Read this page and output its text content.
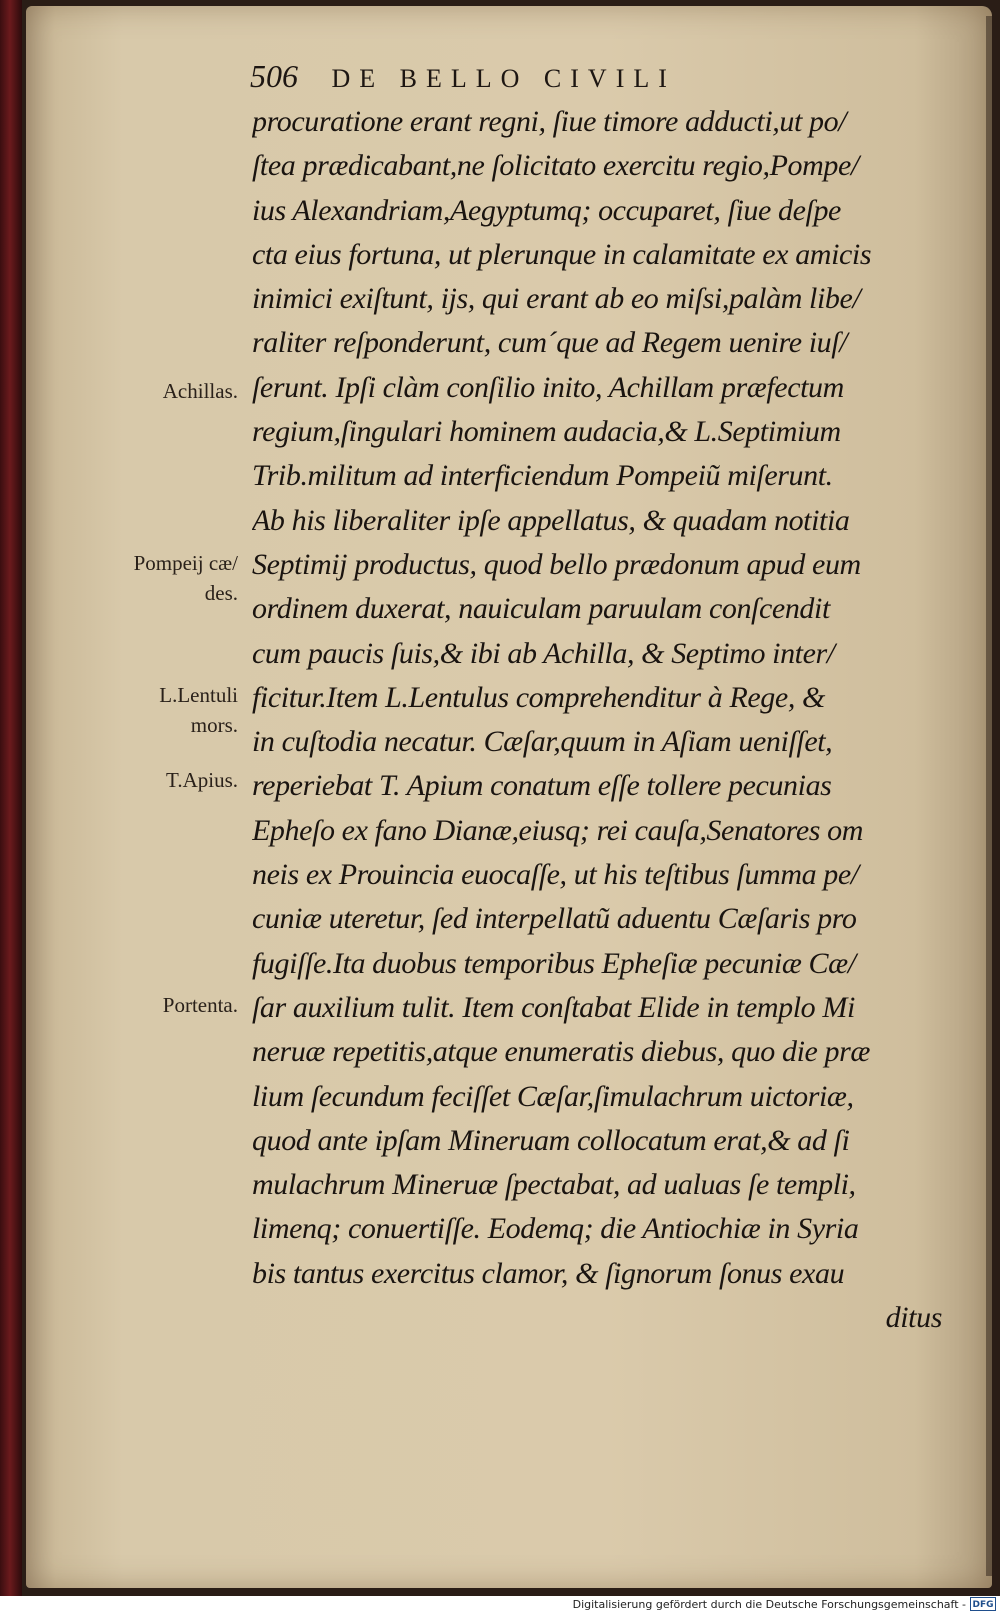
506 DE BELLO CIVILI
procuratione erant regni, ſiue timore adducti,ut po/
ſtea prædicabant,ne ſolicitato exercitu regio,Pompe/
ius Alexandriam,Aegyptumq; occuparet, ſiue deſpe
cta eius fortuna, ut plerunque in calamitate ex amicis
inimici exiſtunt, ijs, qui erant ab eo miſsi,palàm libe/
raliter reſponderunt, cum´que ad Regem uenire iuſ/
ſerunt. Ipſi clàm conſilio inito, Achillam præfectum
regium,ſingulari hominem audacia,& L.Septimium
Trib.militum ad interficiendum Pompeiũ miſerunt.
Ab his liberaliter ipſe appellatus, & quadam notitia
Septimij productus, quod bello prædonum apud eum
ordinem duxerat, nauiculam paruulam conſcendit
cum paucis ſuis,& ibi ab Achilla, & Septimo inter/
ficitur.Item L.Lentulus comprehenditur à Rege, &
in cuſtodia necatur. Cæſar,quum in Aſiam ueniſſet,
reperiebat T. Apium conatum eſſe tollere pecunias
Epheſo ex fano Dianæ,eiusq; rei cauſa,Senatores om
neis ex Prouincia euocaſſe, ut his teſtibus ſumma pe/
cuniæ uteretur, ſed interpellatũ aduentu Cæſaris pro
fugiſſe.Ita duobus temporibus Epheſiæ pecuniæ Cæ/
ſar auxilium tulit. Item conſtabat Elide in templo Mi
neruæ repetitis,atque enumeratis diebus, quo die præ
lium ſecundum feciſſet Cæſar,ſimulachrum uictoriæ,
quod ante ipſam Mineruam collocatum erat,& ad ſi
mulachrum Mineruæ ſpectabat, ad ualuas ſe templi,
limenq; conuertiſſe. Eodemq; die Antiochiæ in Syria
bis tantus exercitus clamor, & ſignorum ſonus exau
ditus
Achillas.
Pompeij cæ/
des.
L.Lentuli
mors.
T.Apius.
Portenta.
Digitalisierung gefördert durch die Deutsche Forschungsgemeinschaft - DFG
